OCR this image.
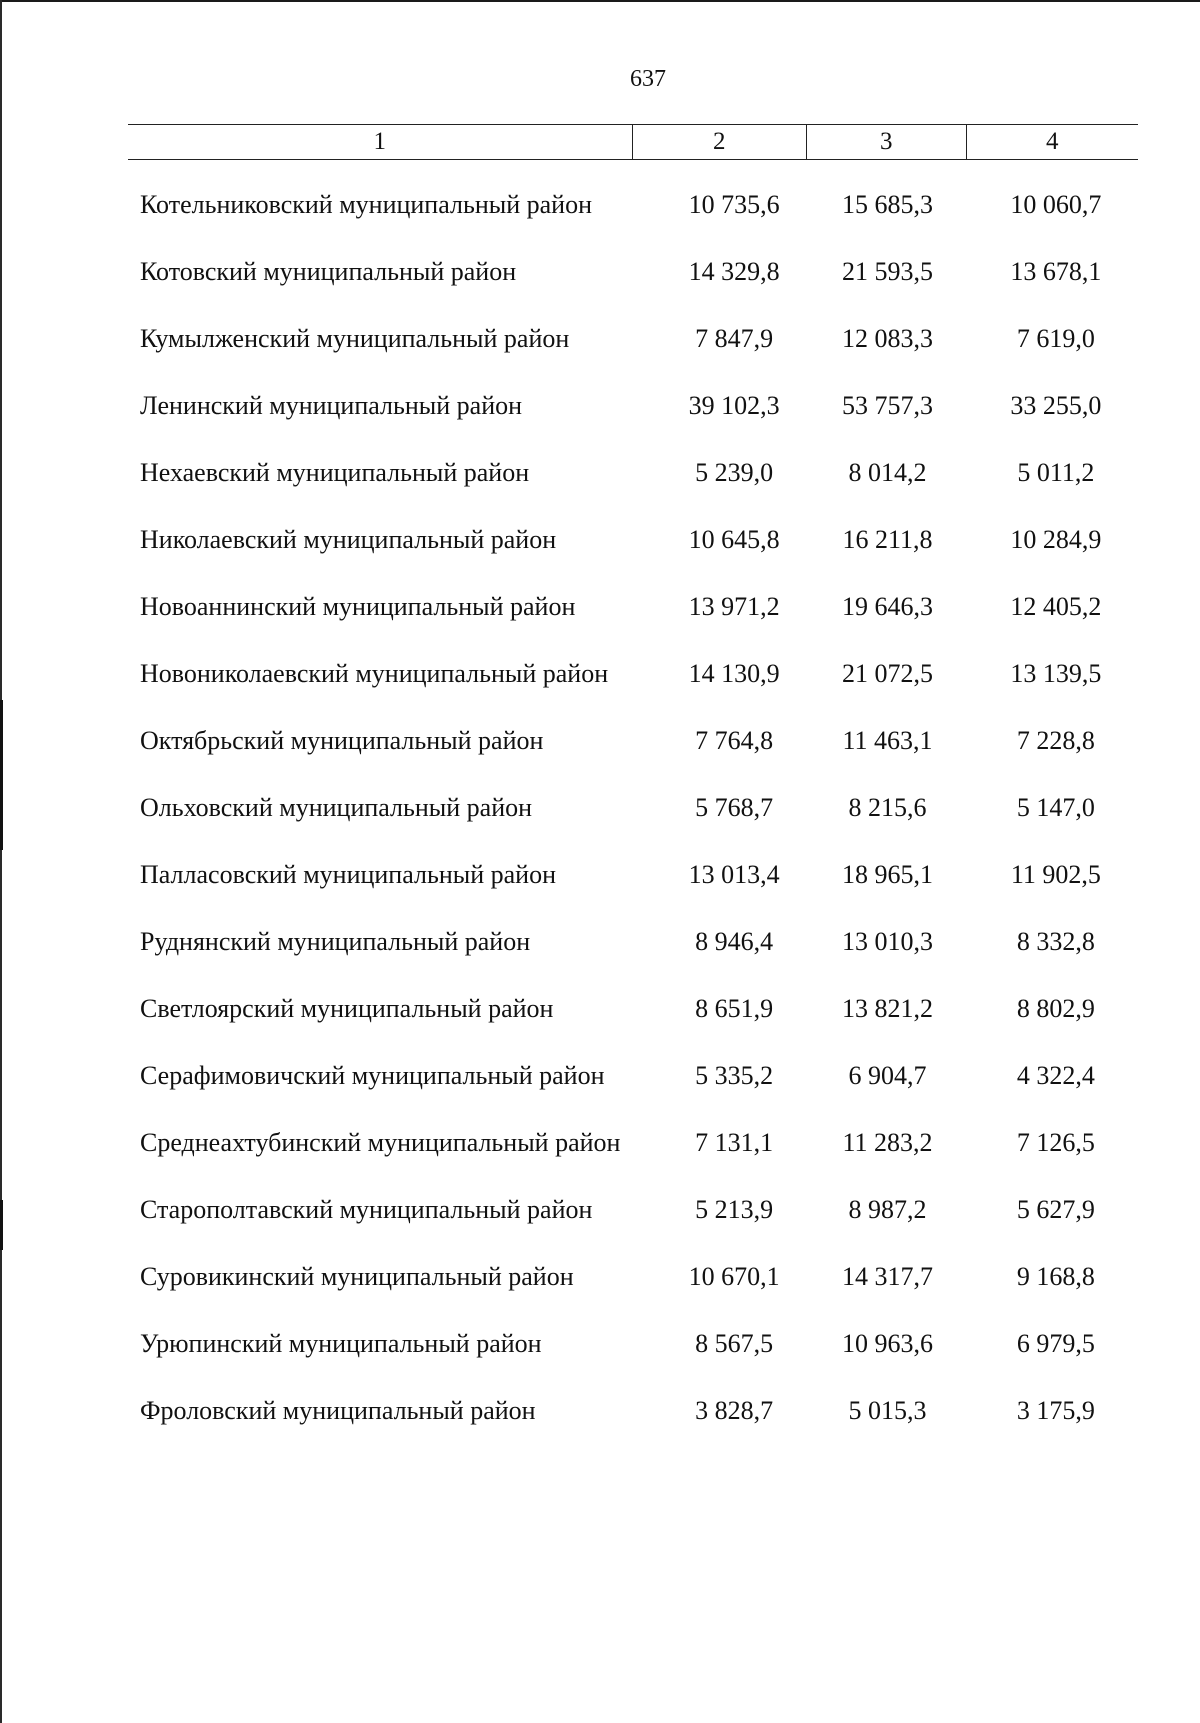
637
1	2	3	4
Котельниковский муниципальный район	10 735,6	15 685,3	10 060,7
Котовский муниципальный район	14 329,8	21 593,5	13 678,1
Кумылженский муниципальный район	7 847,9	12 083,3	7 619,0
Ленинский муниципальный район	39 102,3	53 757,3	33 255,0
Нехаевский муниципальный район	5 239,0	8 014,2	5 011,2
Николаевский муниципальный район	10 645,8	16 211,8	10 284,9
Новоаннинский муниципальный район	13 971,2	19 646,3	12 405,2
Новониколаевский муниципальный район	14 130,9	21 072,5	13 139,5
Октябрьский муниципальный район	7 764,8	11 463,1	7 228,8
Ольховский муниципальный район	5 768,7	8 215,6	5 147,0
Палласовский муниципальный район	13 013,4	18 965,1	11 902,5
Руднянский муниципальный район	8 946,4	13 010,3	8 332,8
Светлоярский муниципальный район	8 651,9	13 821,2	8 802,9
Серафимовичский муниципальный район	5 335,2	6 904,7	4 322,4
Среднеахтубинский муниципальный район	7 131,1	11 283,2	7 126,5
Старополтавский муниципальный район	5 213,9	8 987,2	5 627,9
Суровикинский муниципальный район	10 670,1	14 317,7	9 168,8
Урюпинский муниципальный район	8 567,5	10 963,6	6 979,5
Фроловский муниципальный район	3 828,7	5 015,3	3 175,9
